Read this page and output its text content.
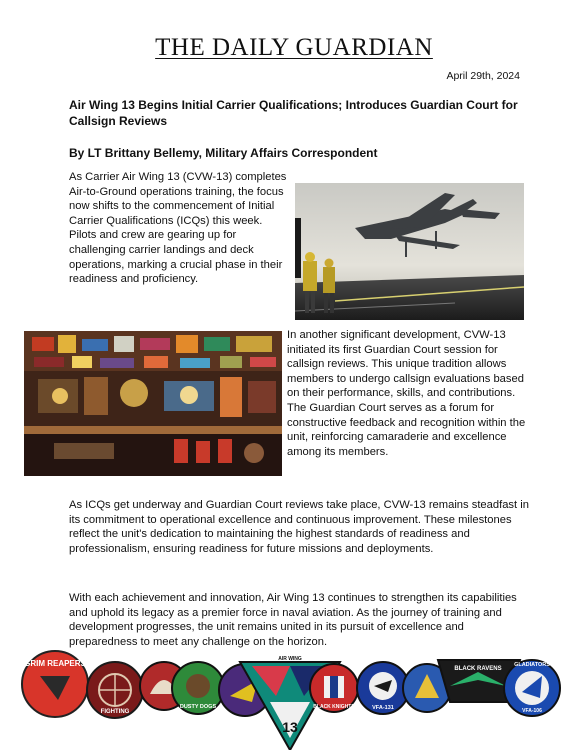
THE DAILY GUARDIAN
April 29th, 2024
Air Wing 13 Begins Initial Carrier Qualifications; Introduces Guardian Court for Callsign Reviews
By LT Brittany Bellemy, Military Affairs Correspondent

As Carrier Air Wing 13 (CVW-13) completes Air-to-Ground operations training, the focus now shifts to the commencement of Initial Carrier Qualifications (ICQs) this week. Pilots and crew are gearing up for challenging carrier landings and deck operations, marking a crucial phase in their readiness and proficiency.

In another significant development, CVW-13 initiated its first Guardian Court session for callsign reviews. This unique tradition allows members to undergo callsign evaluations based on their performance, skills, and contributions. The Guardian Court serves as a forum for constructive feedback and recognition within the unit, reinforcing camaraderie and excellence among its members.

As ICQs get underway and Guardian Court reviews take place, CVW-13 remains steadfast in its commitment to operational excellence and continuous improvement. These milestones reflect the unit's dedication to maintaining the highest standards of readiness and professionalism, ensuring readiness for future missions and deployments.

With each achievement and innovation, Air Wing 13 continues to strengthen its capabilities and uphold its legacy as a premier force in naval aviation. As the journey of training and development progresses, the unit remains united in its pursuit of excellence and preparedness to meet any challenge on the horizon.

GRIM REAPERS
FIGHTING
DUSTY DOGS
13
AIR WING
BLACK KNIGHTS	VFA-131
BLACK RAVENS
GLADIATORS
VFA-106
